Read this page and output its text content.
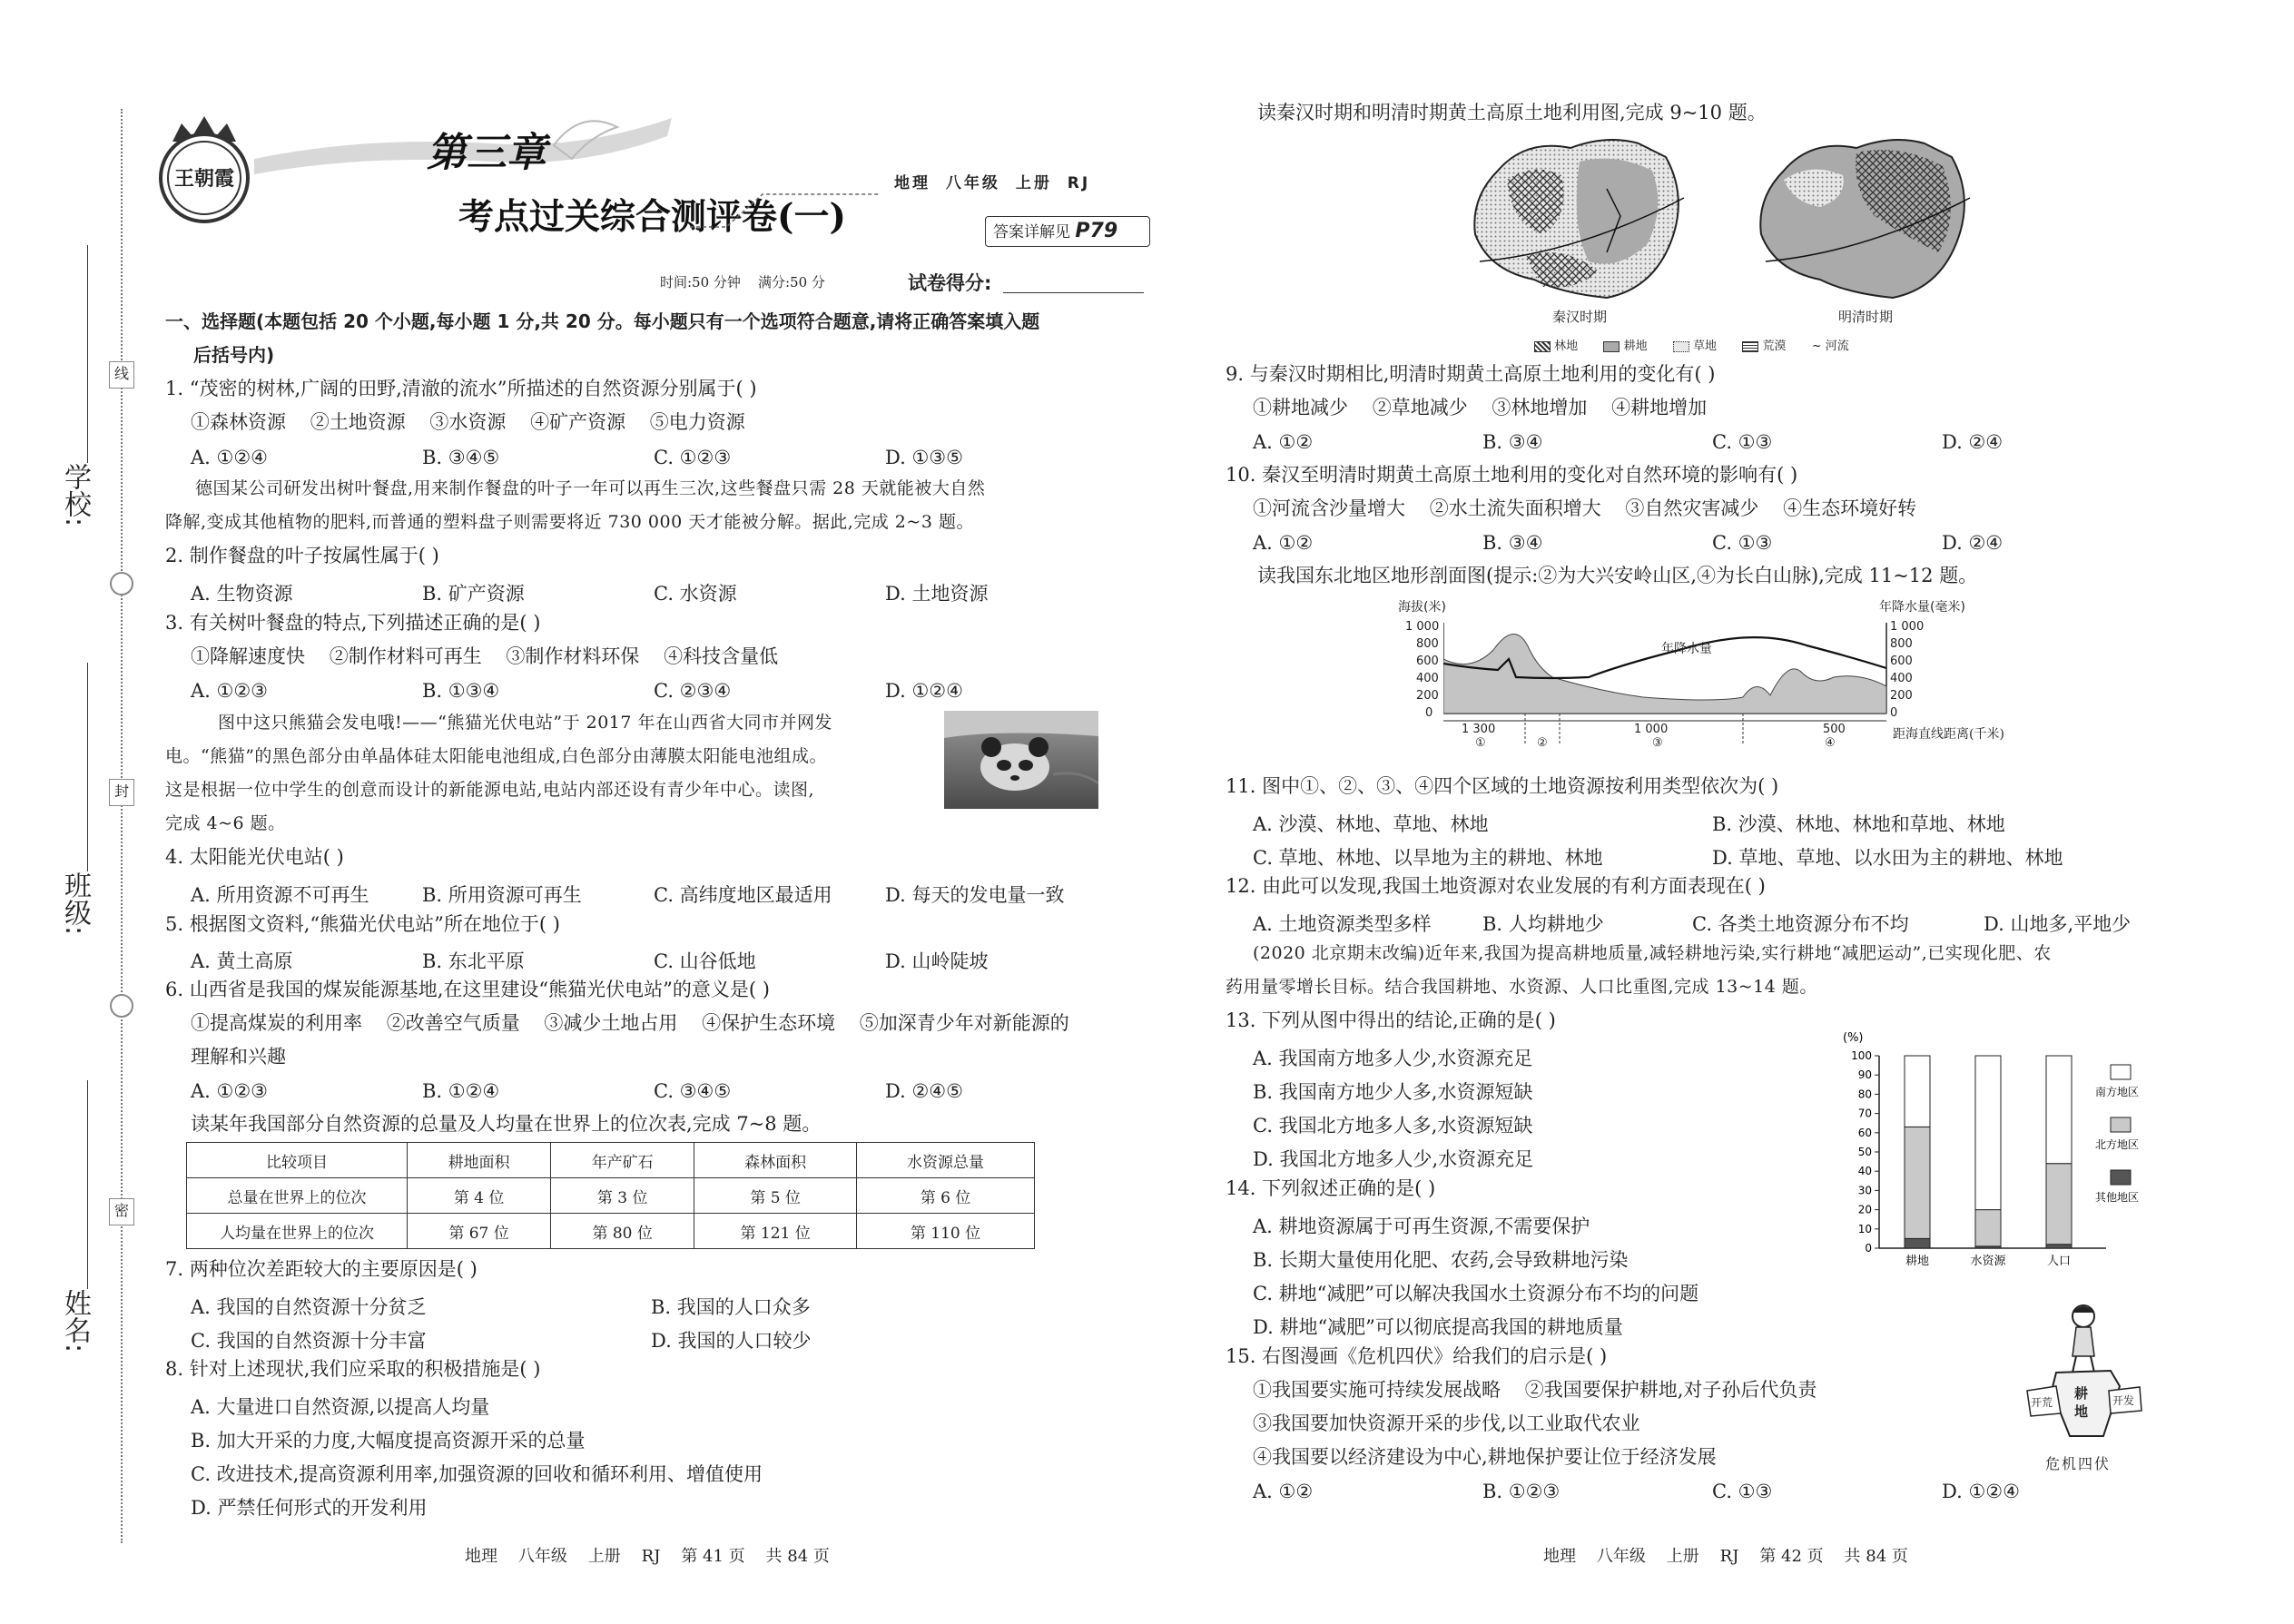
学校:
班级:
姓名:
线
封
密
王朝霞
第三章
考点过关综合测评卷(一)
地理 八年级 上册 RJ
答案详解见 P79
时间:50 分钟    满分:50 分	试卷得分:
一、选择题(本题包括 20 个小题,每小题 1 分,共 20 分。每小题只有一个选项符合题意,请将正确答案填入题
后括号内)
1. “茂密的树林,广阔的田野,清澈的流水”所描述的自然资源分别属于( )
①森林资源    ②土地资源    ③水资源    ④矿产资源    ⑤电力资源
A. ①②④	B. ③④⑤	C. ①②③	D. ①③⑤
德国某公司研发出树叶餐盘,用来制作餐盘的叶子一年可以再生三次,这些餐盘只需 28 天就能被大自然
降解,变成其他植物的肥料,而普通的塑料盘子则需要将近 730 000 天才能被分解。据此,完成 2~3 题。
2. 制作餐盘的叶子按属性属于( )
A. 生物资源	B. 矿产资源	C. 水资源	D. 土地资源
3. 有关树叶餐盘的特点,下列描述正确的是( )
①降解速度快    ②制作材料可再生    ③制作材料环保    ④科技含量低
A. ①②③	B. ①③④	C. ②③④	D. ①②④
图中这只熊猫会发电哦!——“熊猫光伏电站”于 2017 年在山西省大同市并网发
电。“熊猫”的黑色部分由单晶体硅太阳能电池组成,白色部分由薄膜太阳能电池组成。
这是根据一位中学生的创意而设计的新能源电站,电站内部还设有青少年中心。读图,
完成 4~6 题。
4. 太阳能光伏电站( )
A. 所用资源不可再生	B. 所用资源可再生	C. 高纬度地区最适用	D. 每天的发电量一致
5. 根据图文资料,“熊猫光伏电站”所在地位于( )
A. 黄土高原	B. 东北平原	C. 山谷低地	D. 山岭陡坡
6. 山西省是我国的煤炭能源基地,在这里建设“熊猫光伏电站”的意义是( )
①提高煤炭的利用率    ②改善空气质量    ③减少土地占用    ④保护生态环境    ⑤加深青少年对新能源的
理解和兴趣
A. ①②③	B. ①②④	C. ③④⑤	D. ②④⑤
读某年我国部分自然资源的总量及人均量在世界上的位次表,完成 7~8 题。
比较项目	耕地面积	年产矿石	森林面积	水资源总量
总量在世界上的位次	第 4 位	第 3 位	第 5 位	第 6 位
人均量在世界上的位次	第 67 位	第 80 位	第 121 位	第 110 位
7. 两种位次差距较大的主要原因是( )
A. 我国的自然资源十分贫乏	B. 我国的人口众多
C. 我国的自然资源十分丰富	D. 我国的人口较少
8. 针对上述现状,我们应采取的积极措施是( )
A. 大量进口自然资源,以提高人均量
B. 加大开采的力度,大幅度提高资源开采的总量
C. 改进技术,提高资源利用率,加强资源的回收和循环利用、增值使用
D. 严禁任何形式的开发利用
地理    八年级    上册    RJ    第 41 页    共 84 页
读秦汉时期和明清时期黄土高原土地利用图,完成 9~10 题。
秦汉时期	明清时期
林地	耕地	草地	荒漠 ~ 河流
9. 与秦汉时期相比,明清时期黄土高原土地利用的变化有( )
①耕地减少    ②草地减少    ③林地增加    ④耕地增加
A. ①②	B. ③④	C. ①③	D. ②④
10. 秦汉至明清时期黄土高原土地利用的变化对自然环境的影响有( )
①河流含沙量增大    ②水土流失面积增大    ③自然灾害减少    ④生态环境好转
A. ①②	B. ③④	C. ①③	D. ②④
读我国东北地区地形剖面图(提示:②为大兴安岭山区,④为长白山脉),完成 11~12 题。
海拔(米)	年降水量(毫米)
1 000
800
600
400
200
0
1 000
800
600
400
200
0
年降水量
1 300	1 000	500
①	②	③	④
距海直线距离(千米)
11. 图中①、②、③、④四个区域的土地资源按利用类型依次为( )
A. 沙漠、林地、草地、林地	B. 沙漠、林地、林地和草地、林地
C. 草地、林地、以旱地为主的耕地、林地	D. 草地、草地、以水田为主的耕地、林地
12. 由此可以发现,我国土地资源对农业发展的有利方面表现在( )
A. 土地资源类型多样	B. 人均耕地少	C. 各类土地资源分布不均	D. 山地多,平地少
(2020 北京期末改编)近年来,我国为提高耕地质量,减轻耕地污染,实行耕地“减肥运动”,已实现化肥、农
药用量零增长目标。结合我国耕地、水资源、人口比重图,完成 13~14 题。
13. 下列从图中得出的结论,正确的是( )
A. 我国南方地多人少,水资源充足
B. 我国南方地少人多,水资源短缺
C. 我国北方地多人多,水资源短缺
D. 我国北方地多人少,水资源充足
14. 下列叙述正确的是( )
A. 耕地资源属于可再生资源,不需要保护
B. 长期大量使用化肥、农药,会导致耕地污染
C. 耕地“减肥”可以解决我国水土资源分布不均的问题
D. 耕地“减肥”可以彻底提高我国的耕地质量
(%)
0
10
20
30
40
50
60
70
80
90
100
耕地	水资源	人口
南方地区
北方地区
其他地区
15. 右图漫画《危机四伏》给我们的启示是( )
①我国要实施可持续发展战略    ②我国要保护耕地,对子孙后代负责
③我国要加快资源开采的步伐,以工业取代农业
④我国要以经济建设为中心,耕地保护要让位于经济发展
A. ①②	B. ①②③	C. ①③	D. ①②④
耕
地
开荒	开发
危机四伏
地理    八年级    上册    RJ    第 42 页    共 84 页
